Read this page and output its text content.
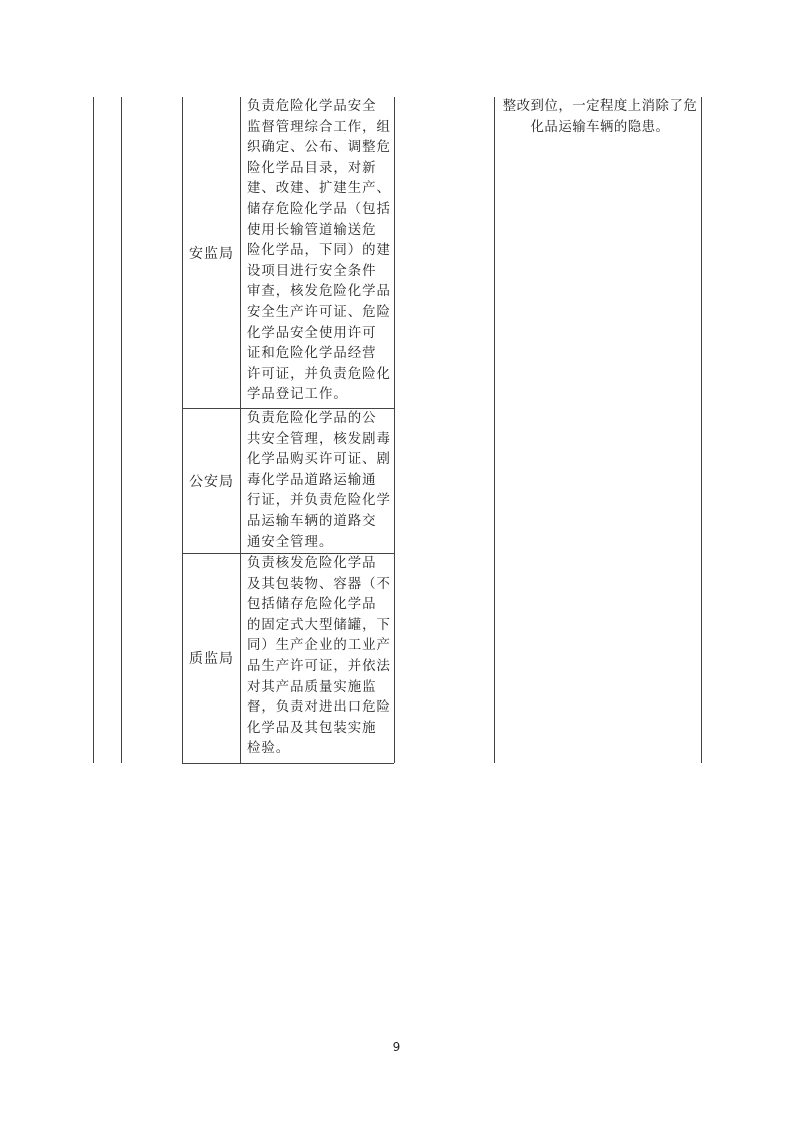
安监局
负责危险化学品安全
监督管理综合工作，组
织确定、公布、调整危
险化学品目录，对新
建、改建、扩建生产、
储存危险化学品（包括
使用长输管道输送危
险化学品，下同）的建
设项目进行安全条件
审查，核发危险化学品
安全生产许可证、危险
化学品安全使用许可
证和危险化学品经营
许可证，并负责危险化
学品登记工作。
公安局
负责危险化学品的公
共安全管理，核发剧毒
化学品购买许可证、剧
毒化学品道路运输通
行证，并负责危险化学
品运输车辆的道路交
通安全管理。
质监局
负责核发危险化学品
及其包装物、容器（不
包括储存危险化学品
的固定式大型储罐，下
同）生产企业的工业产
品生产许可证，并依法
对其产品质量实施监
督，负责对进出口危险
化学品及其包装实施
检验。
整改到位，一定程度上消除了危
化品运输车辆的隐患。
9
